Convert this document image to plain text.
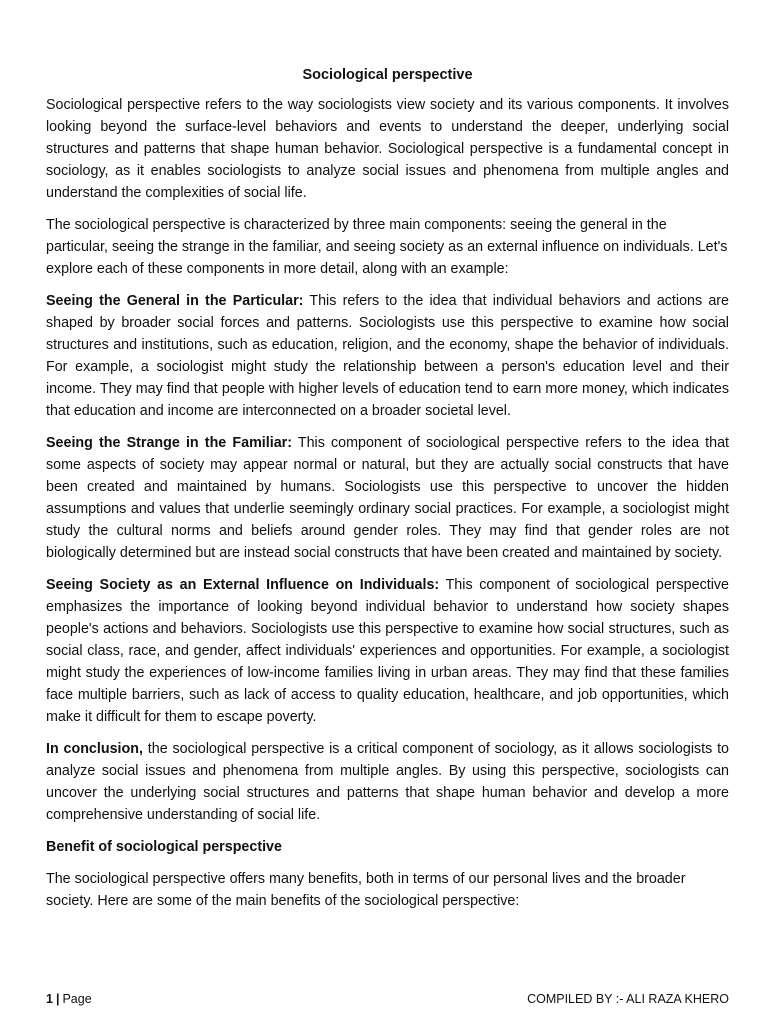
Sociological perspective

Sociological perspective refers to the way sociologists view society and its various components. It involves looking beyond the surface-level behaviors and events to understand the deeper, underlying social structures and patterns that shape human behavior. Sociological perspective is a fundamental concept in sociology, as it enables sociologists to analyze social issues and phenomena from multiple angles and understand the complexities of social life.

The sociological perspective is characterized by three main components: seeing the general in the particular, seeing the strange in the familiar, and seeing society as an external influence on individuals. Let's explore each of these components in more detail, along with an example:

Seeing the General in the Particular: This refers to the idea that individual behaviors and actions are shaped by broader social forces and patterns. Sociologists use this perspective to examine how social structures and institutions, such as education, religion, and the economy, shape the behavior of individuals. For example, a sociologist might study the relationship between a person's education level and their income. They may find that people with higher levels of education tend to earn more money, which indicates that education and income are interconnected on a broader societal level.

Seeing the Strange in the Familiar: This component of sociological perspective refers to the idea that some aspects of society may appear normal or natural, but they are actually social constructs that have been created and maintained by humans. Sociologists use this perspective to uncover the hidden assumptions and values that underlie seemingly ordinary social practices. For example, a sociologist might study the cultural norms and beliefs around gender roles. They may find that gender roles are not biologically determined but are instead social constructs that have been created and maintained by society.

Seeing Society as an External Influence on Individuals: This component of sociological perspective emphasizes the importance of looking beyond individual behavior to understand how society shapes people's actions and behaviors. Sociologists use this perspective to examine how social structures, such as social class, race, and gender, affect individuals' experiences and opportunities. For example, a sociologist might study the experiences of low-income families living in urban areas. They may find that these families face multiple barriers, such as lack of access to quality education, healthcare, and job opportunities, which make it difficult for them to escape poverty.

In conclusion, the sociological perspective is a critical component of sociology, as it allows sociologists to analyze social issues and phenomena from multiple angles. By using this perspective, sociologists can uncover the underlying social structures and patterns that shape human behavior and develop a more comprehensive understanding of social life.

Benefit of sociological perspective

The sociological perspective offers many benefits, both in terms of our personal lives and the broader society. Here are some of the main benefits of the sociological perspective:

1 | Page	COMPILED BY :- ALI RAZA KHERO
